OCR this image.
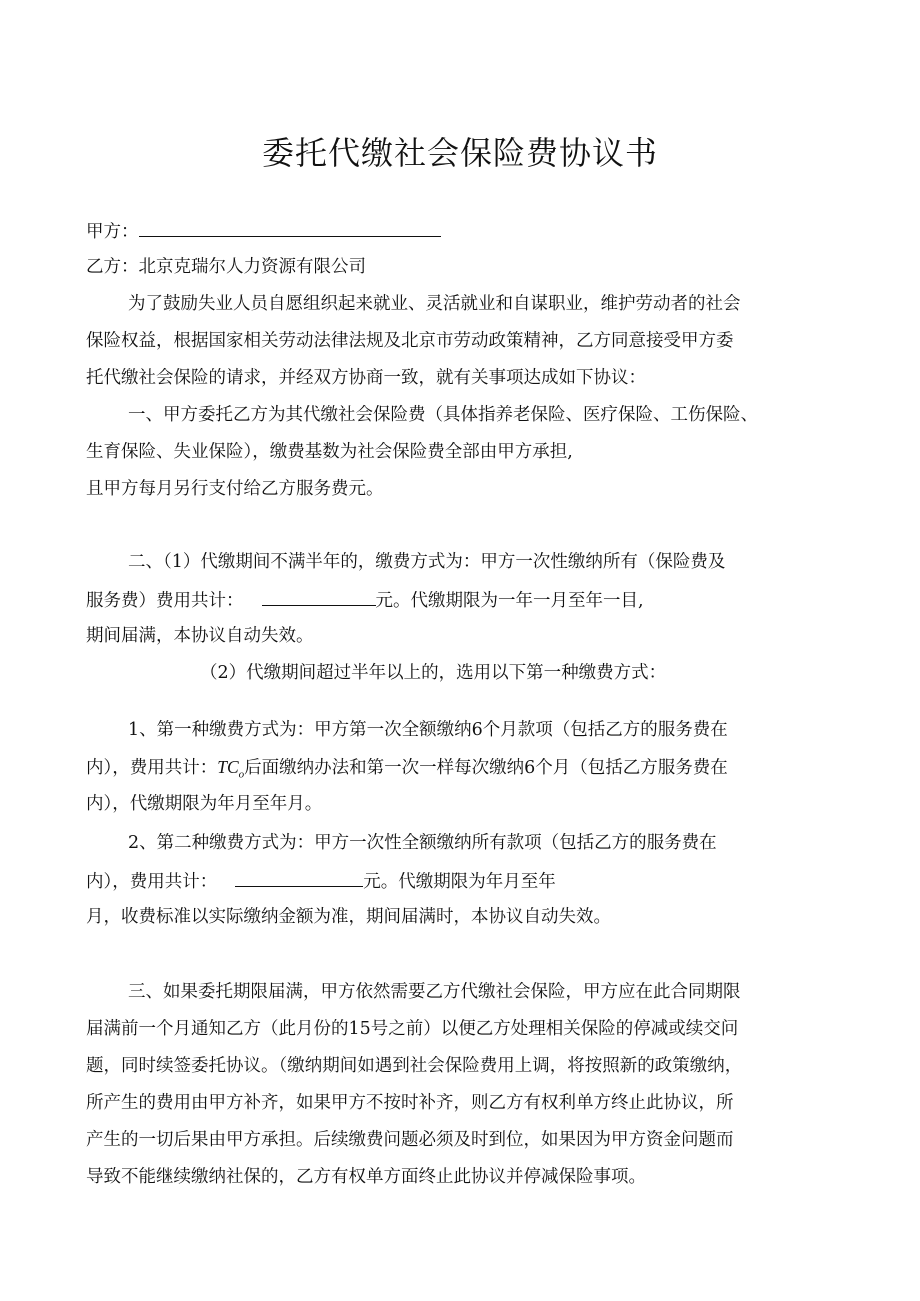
委托代缴社会保险费协议书
甲方：
乙方：北京克瑞尔人力资源有限公司
为了鼓励失业人员自愿组织起来就业、灵活就业和自谋职业，维护劳动者的社会
保险权益，根据国家相关劳动法律法规及北京市劳动政策精神，乙方同意接受甲方委
托代缴社会保险的请求，并经双方协商一致，就有关事项达成如下协议：
一、甲方委托乙方为其代缴社会保险费（具体指养老保险、医疗保险、工伤保险、
生育保险、失业保险），缴费基数为社会保险费全部由甲方承担,
且甲方每月另行支付给乙方服务费元。
二、（1）代缴期间不满半年的，缴费方式为：甲方一次性缴纳所有（保险费及
服务费）费用共计：	元。代缴期限为一年一月至年一目,
期间届满，本协议自动失效。
（2）代缴期间超过半年以上的，选用以下第一种缴费方式：
1、第一种缴费方式为：甲方第一次全额缴纳6个月款项（包括乙方的服务费在
内），费用共计：$TC_o$后面缴纳办法和第一次一样每次缴纳6个月（包括乙方服务费在
内），代缴期限为年月至年月。
2、第二种缴费方式为：甲方一次性全额缴纳所有款项（包括乙方的服务费在
内），费用共计：	元。代缴期限为年月至年
月，收费标准以实际缴纳金额为准，期间届满时，本协议自动失效。
三、如果委托期限届满，甲方依然需要乙方代缴社会保险，甲方应在此合同期限
届满前一个月通知乙方（此月份的15号之前）以便乙方处理相关保险的停减或续交问
题，同时续签委托协议。（缴纳期间如遇到社会保险费用上调，将按照新的政策缴纳，
所产生的费用由甲方补齐，如果甲方不按时补齐，则乙方有权利单方终止此协议，所
产生的一切后果由甲方承担。后续缴费问题必须及时到位，如果因为甲方资金问题而
导致不能继续缴纳社保的，乙方有权单方面终止此协议并停减保险事项。
